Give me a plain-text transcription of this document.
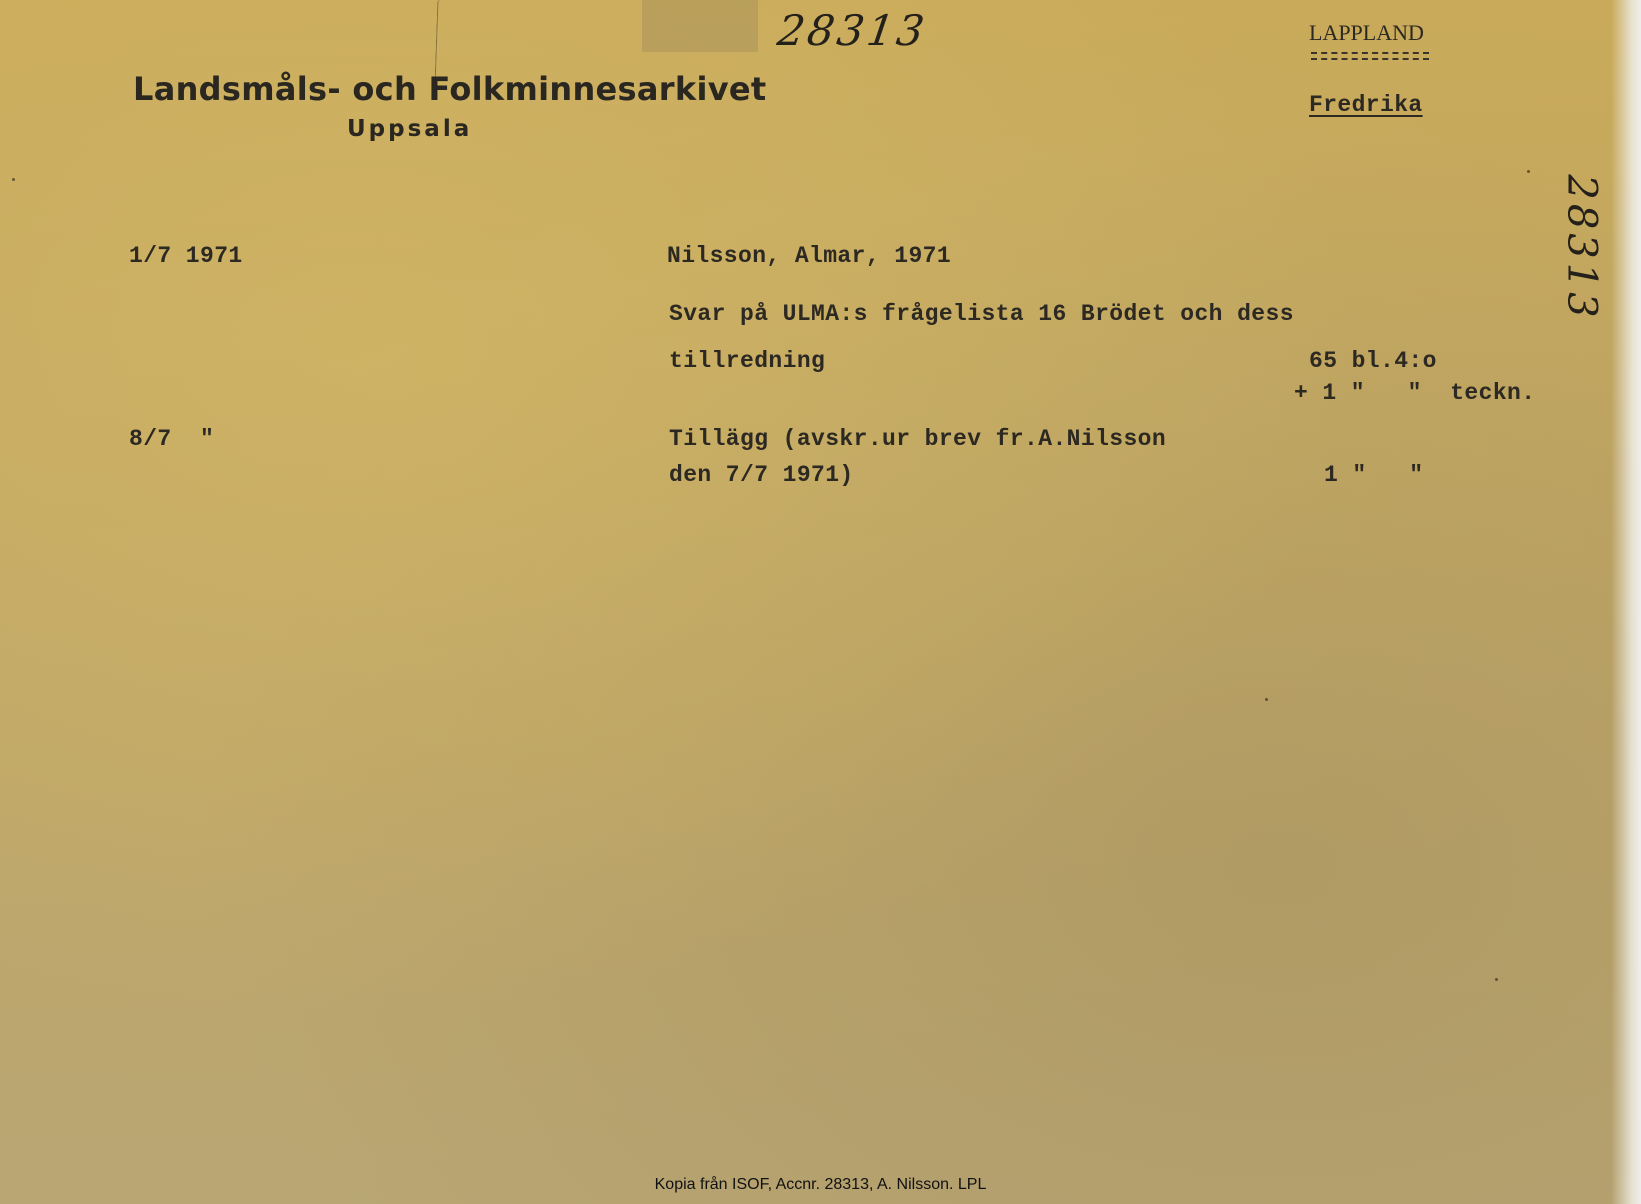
Landsmåls- och Folkminnesarkivet
Uppsala
28313	LAPPLAND
Fredrika
28313
1/7 1971	Nilsson, Almar, 1971
Svar på ULMA:s frågelista 16 Brödet och dess
tillredning	65 bl.4:o
+ 1 "   "  teckn.
8/7  "	Tillägg (avskr.ur brev fr.A.Nilsson
den 7/7 1971)	1 "   "
Kopia från ISOF, Accnr. 28313, A. Nilsson. LPL
